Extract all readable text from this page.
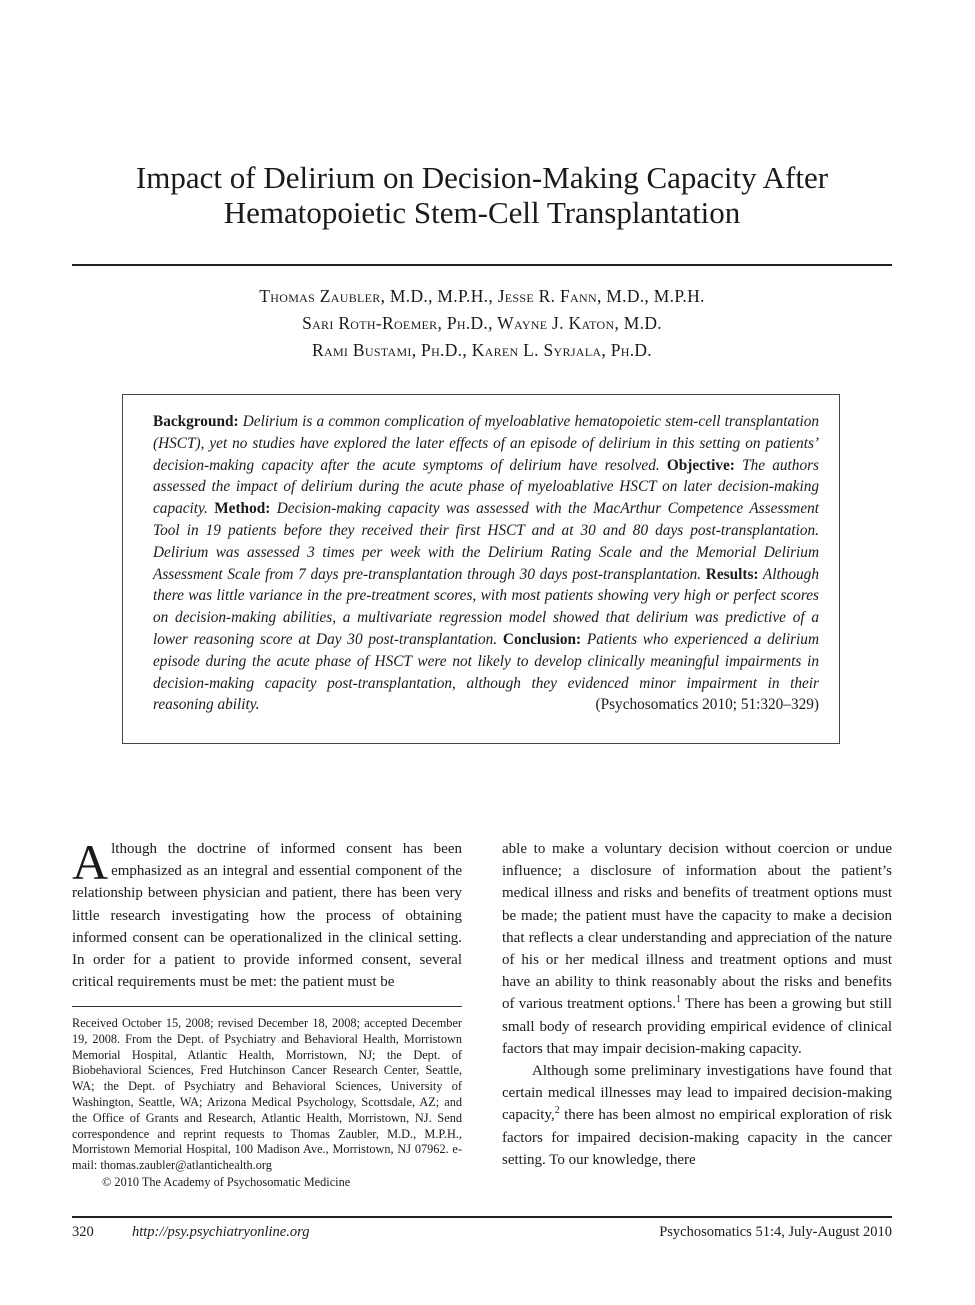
Impact of Delirium on Decision-Making Capacity After
Hematopoietic Stem-Cell Transplantation
Thomas Zaubler, M.D., M.P.H., Jesse R. Fann, M.D., M.P.H.
Sari Roth-Roemer, Ph.D., Wayne J. Katon, M.D.
Rami Bustami, Ph.D., Karen L. Syrjala, Ph.D.

Background: Delirium is a common complication of myeloablative hematopoietic stem-cell transplantation (HSCT), yet no studies have explored the later effects of an episode of delirium in this setting on patients’ decision-making capacity after the acute symptoms of delirium have resolved. Objective: The authors assessed the impact of delirium during the acute phase of myeloablative HSCT on later decision-making capacity. Method: Decision-making capacity was assessed with the MacArthur Competence Assessment Tool in 19 patients before they received their first HSCT and at 30 and 80 days post-transplantation. Delirium was assessed 3 times per week with the Delirium Rating Scale and the Memorial Delirium Assessment Scale from 7 days pre-transplantation through 30 days post-transplantation. Results: Although there was little variance in the pre-treatment scores, with most patients showing very high or perfect scores on decision-making abilities, a multivariate regression model showed that delirium was predictive of a lower reasoning score at Day 30 post-transplantation. Conclusion: Patients who experienced a delirium episode during the acute phase of HSCT were not likely to develop clinically meaningful impairments in decision-making capacity post-transplantation, although they evidenced minor impairment in their reasoning ability.	(Psychosomatics 2010; 51:320–329)

Although the doctrine of informed consent has been emphasized as an integral and essential component of the relationship between physician and patient, there has been very little research investigating how the process of obtaining informed consent can be operationalized in the clinical setting. In order for a patient to provide informed consent, several critical requirements must be met: the patient must be

Received October 15, 2008; revised December 18, 2008; accepted December 19, 2008. From the Dept. of Psychiatry and Behavioral Health, Morristown Memorial Hospital, Atlantic Health, Morristown, NJ; the Dept. of Biobehavioral Sciences, Fred Hutchinson Cancer Research Center, Seattle, WA; the Dept. of Psychiatry and Behavioral Sciences, University of Washington, Seattle, WA; Arizona Medical Psychology, Scottsdale, AZ; and the Office of Grants and Research, Atlantic Health, Morristown, NJ. Send correspondence and reprint requests to Thomas Zaubler, M.D., M.P.H., Morristown Memorial Hospital, 100 Madison Ave., Morristown, NJ 07962. e-mail: thomas.zaubler@atlantichealth.org

© 2010 The Academy of Psychosomatic Medicine

able to make a voluntary decision without coercion or undue influence; a disclosure of information about the patient’s medical illness and risks and benefits of treatment options must be made; the patient must have the capacity to make a decision that reflects a clear understanding and appreciation of the nature of his or her medical illness and treatment options and must have an ability to think reasonably about the risks and benefits of various treatment options.$^1$ There has been a growing but still small body of research providing empirical evidence of clinical factors that may impair decision-making capacity.

Although some preliminary investigations have found that certain medical illnesses may lead to impaired decision-making capacity,$^2$ there has been almost no empirical exploration of risk factors for impaired decision-making capacity in the cancer setting. To our knowledge, there

320	http://psy.psychiatryonline.org	Psychosomatics 51:4, July-August 2010
